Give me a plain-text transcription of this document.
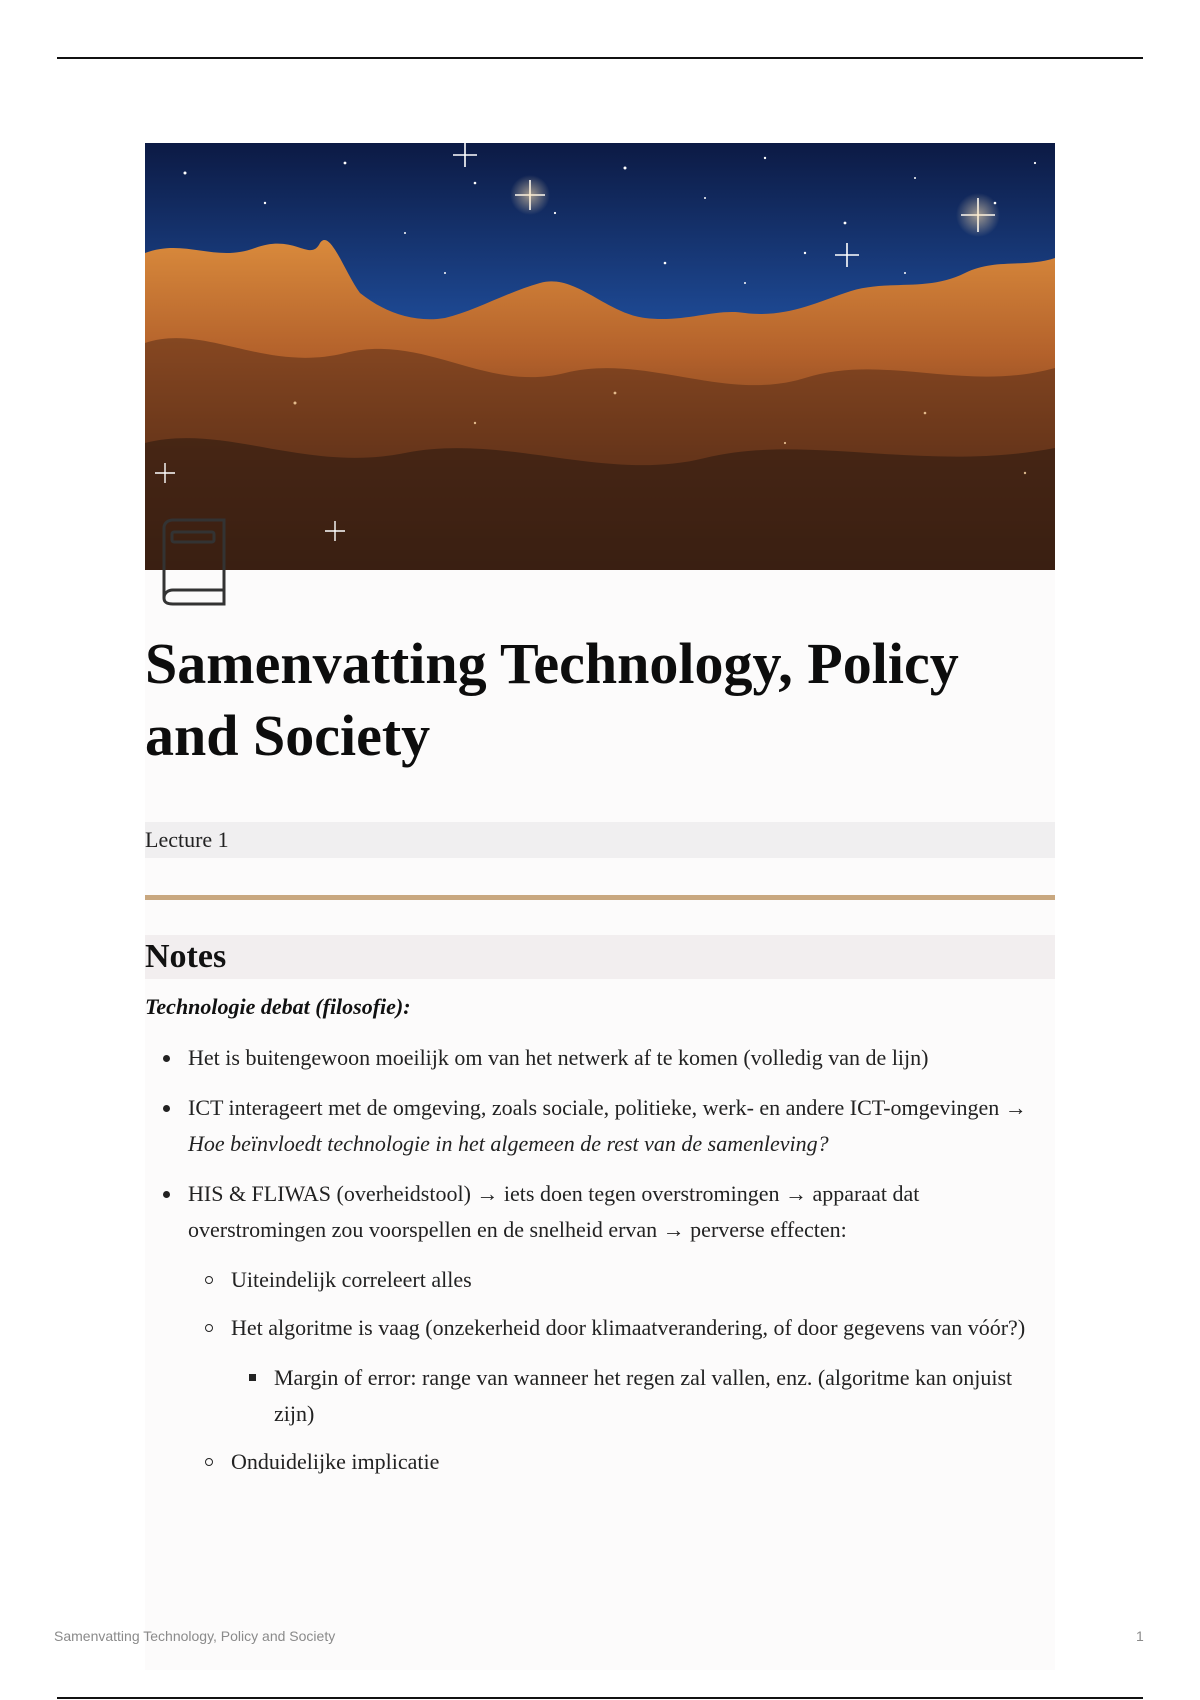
Samenvatting Technology, Policy and Society
Lecture 1
Notes
Technologie debat (filosofie):
Het is buitengewoon moeilijk om van het netwerk af te komen (volledig van de lijn)
ICT interageert met de omgeving, zoals sociale, politieke, werk- en andere ICT-omgevingen → Hoe beïnvloedt technologie in het algemeen de rest van de samenleving?
HIS & FLIWAS (overheidstool) → iets doen tegen overstromingen → apparaat dat overstromingen zou voorspellen en de snelheid ervan → perverse effecten:
Uiteindelijk correleert alles
Het algoritme is vaag (onzekerheid door klimaatverandering, of door gegevens van vóór?)
Margin of error: range van wanneer het regen zal vallen, enz. (algoritme kan onjuist zijn)
Onduidelijke implicatie
Samenvatting Technology, Policy and Society	1
